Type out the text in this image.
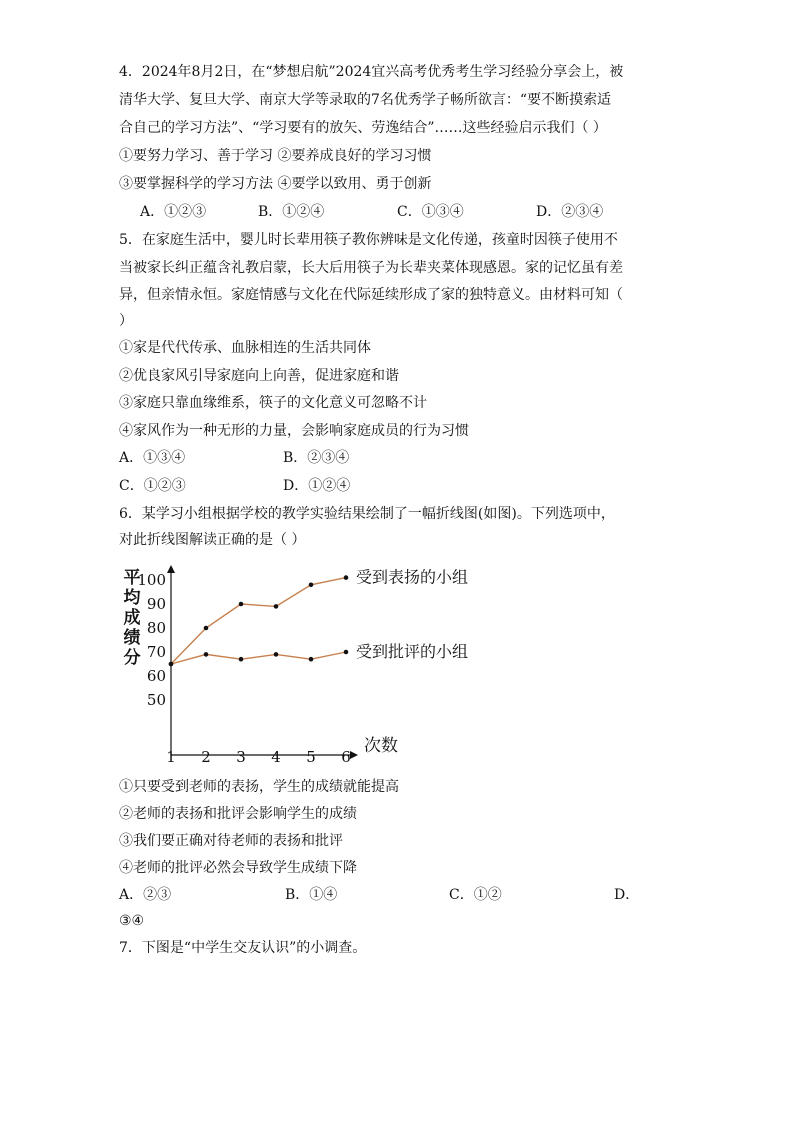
4．2024年8月2日，在“梦想启航”2024宜兴高考优秀考生学习经验分享会上，被
清华大学、复旦大学、南京大学等录取的7名优秀学子畅所欲言：“要不断摸索适
合自己的学习方法”、“学习要有的放矢、劳逸结合”……这些经验启示我们（ ）
①要努力学习、善于学习 ②要养成良好的学习习惯
③要掌握科学的学习方法 ④要学以致用、勇于创新
A．①②③	B．①②④	C．①③④	D．②③④
5．在家庭生活中，婴儿时长辈用筷子教你辨味是文化传递，孩童时因筷子使用不
当被家长纠正蕴含礼教启蒙，长大后用筷子为长辈夹菜体现感恩。家的记忆虽有差
异，但亲情永恒。家庭情感与文化在代际延续形成了家的独特意义。由材料可知（
）
①家是代代传承、血脉相连的生活共同体
②优良家风引导家庭向上向善，促进家庭和谐
③家庭只靠血缘维系，筷子的文化意义可忽略不计
④家风作为一种无形的力量，会影响家庭成员的行为习惯
A．①③④	B．②③④
C．①②③	D．①②④
6．某学习小组根据学校的教学实验结果绘制了一幅折线图(如图)。下列选项中，
对此折线图解读正确的是（ ）
100
90
80
70
60
50
1 2 3 4 5 6
受到表扬的小组
受到批评的小组
平
均
成
绩
分
次数
①只要受到老师的表扬，学生的成绩就能提高
②老师的表扬和批评会影响学生的成绩
③我们要正确对待老师的表扬和批评
④老师的批评必然会导致学生成绩下降
A．②③	B．①④	C．①②	D．
③④
7．下图是“中学生交友认识”的小调查。
